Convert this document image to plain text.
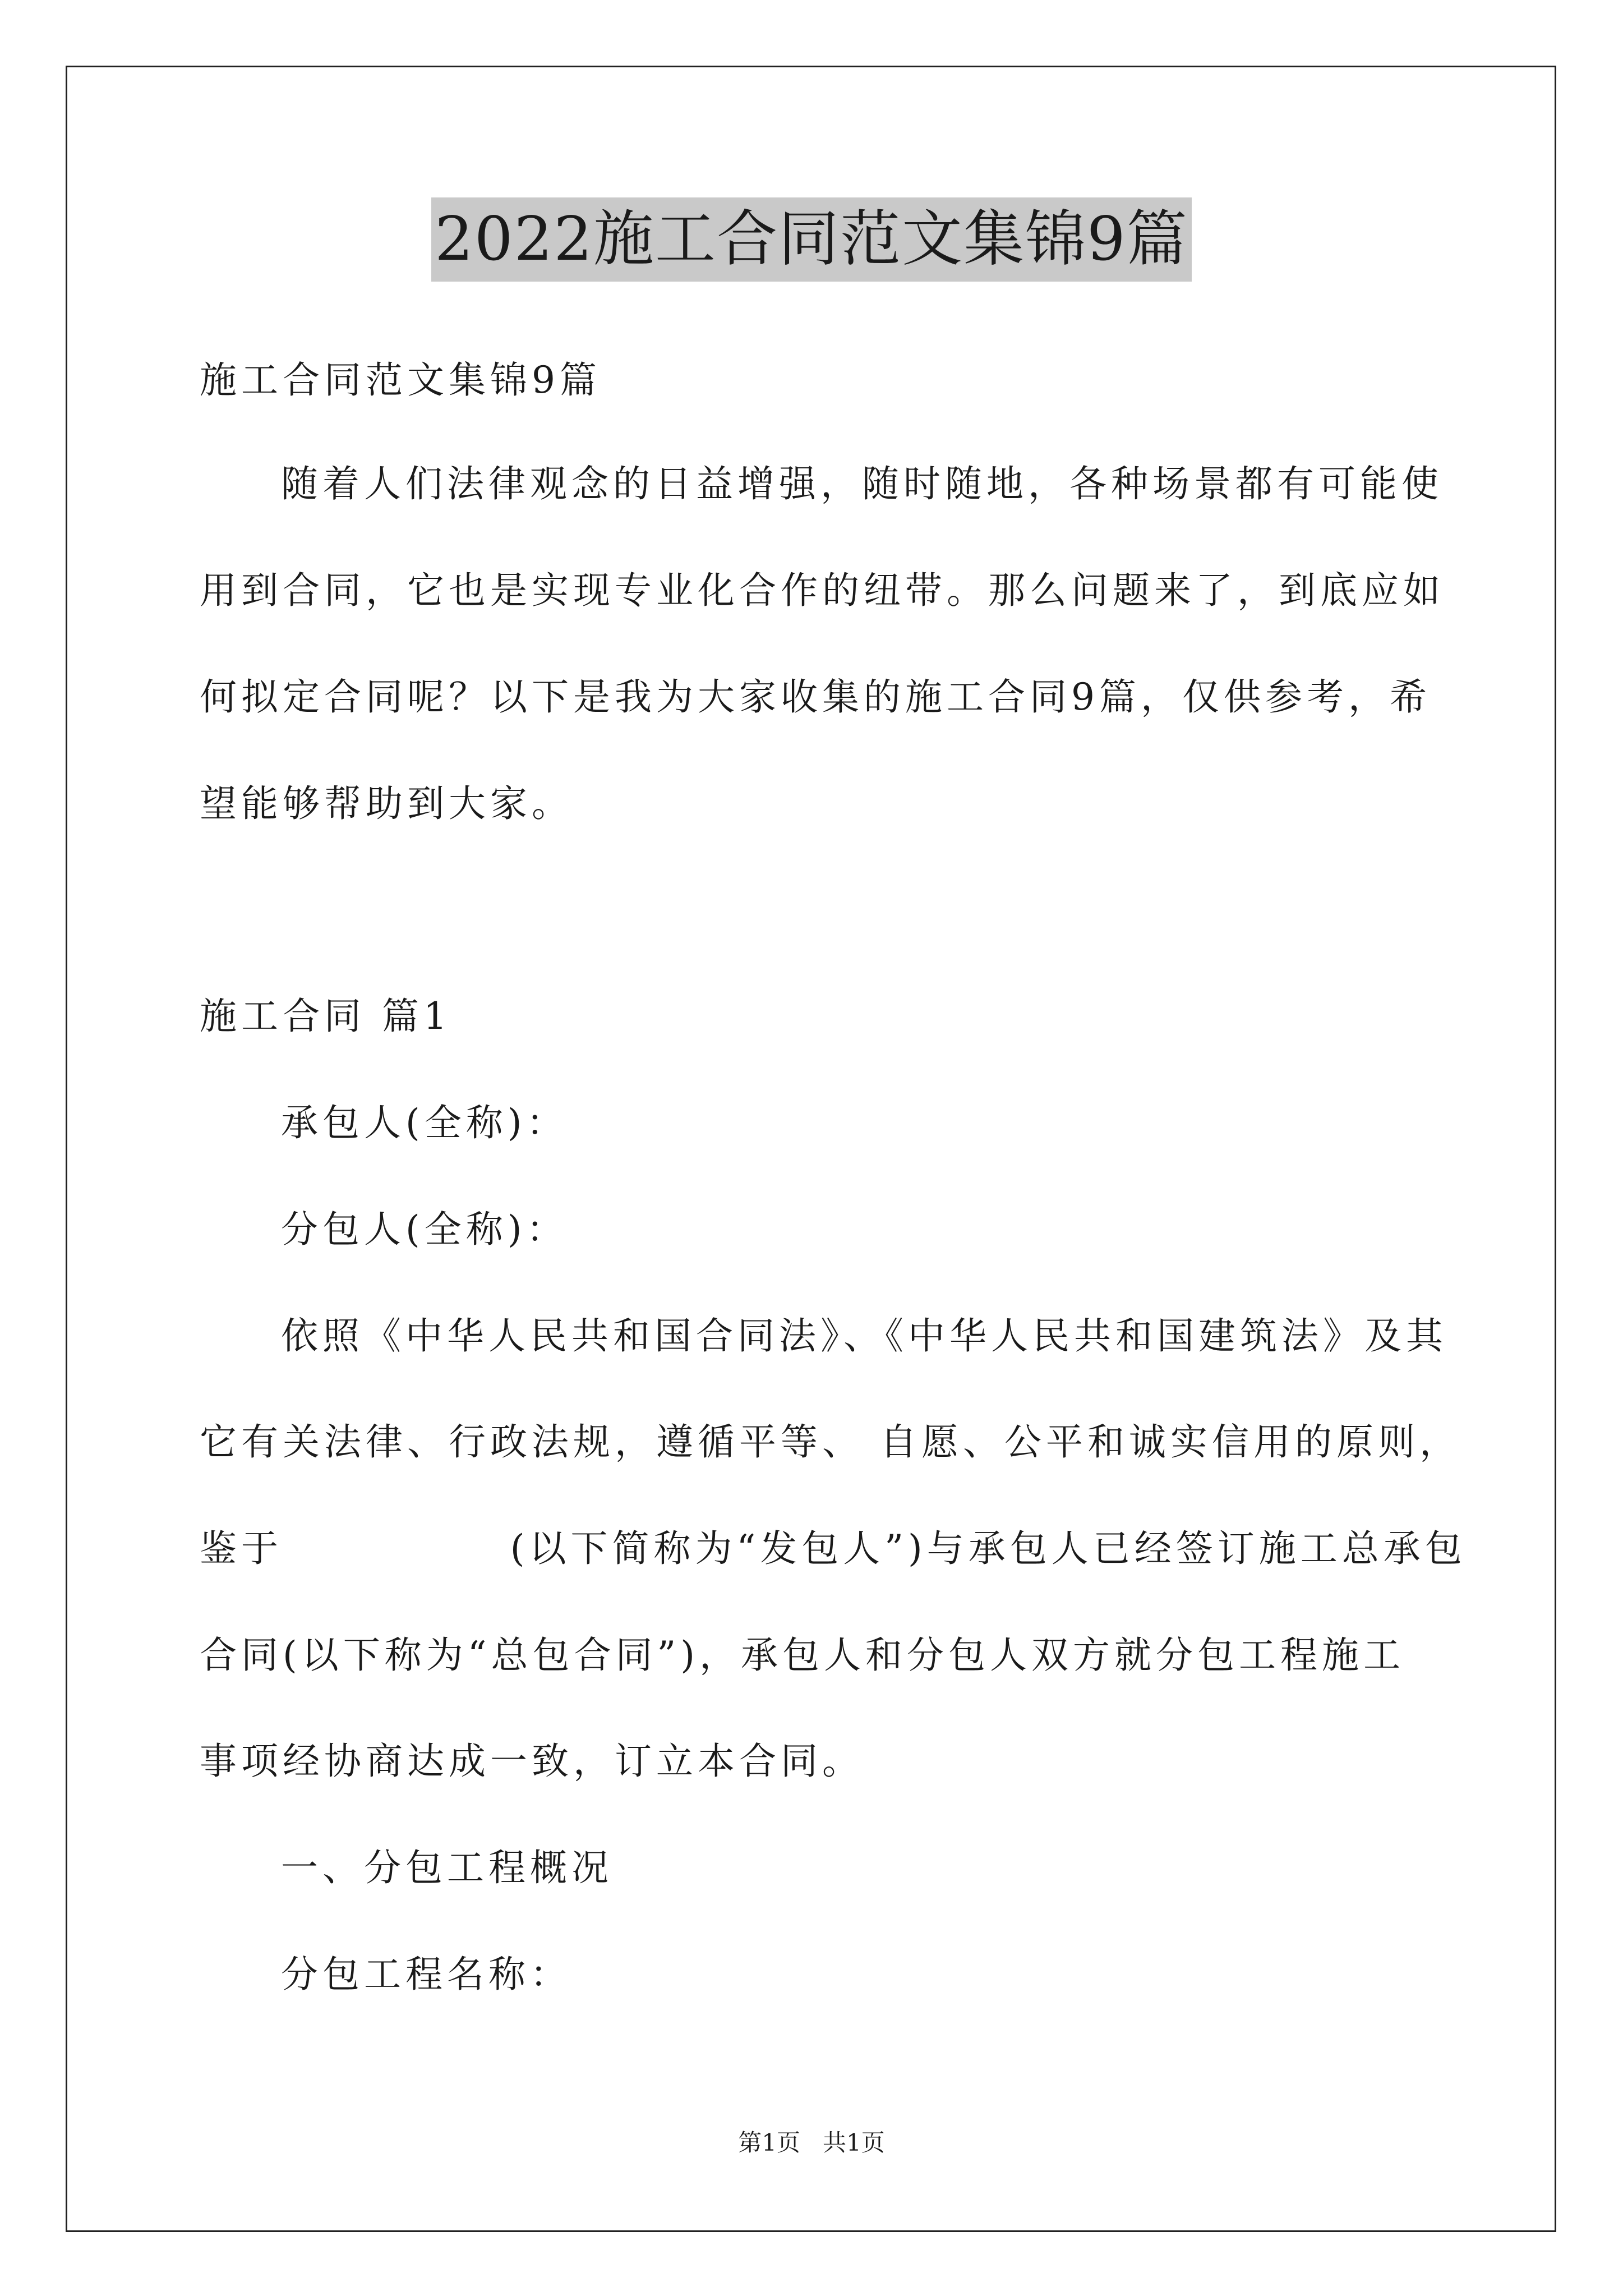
2022施工合同范文集锦9篇
施工合同范文集锦9篇
随着人们法律观念的日益增强，随时随地，各种场景都有可能使
用到合同，它也是实现专业化合作的纽带。那么问题来了，到底应如
何拟定合同呢？以下是我为大家收集的施工合同9篇，仅供参考，希
望能够帮助到大家。
施工合同 篇1
承包人(全称)：
分包人(全称)：
依照《中华人民共和国合同法》、《中华人民共和国建筑法》及其
它有关法律、行政法规，遵循平等、 自愿、公平和诚实信用的原则，
鉴于              (以下简称为“发包人”)与承包人已经签订施工总承包
合同(以下称为“总包合同”)，承包人和分包人双方就分包工程施工
事项经协商达成一致，订立本合同。
一、分包工程概况
分包工程名称：
第1页   共1页
